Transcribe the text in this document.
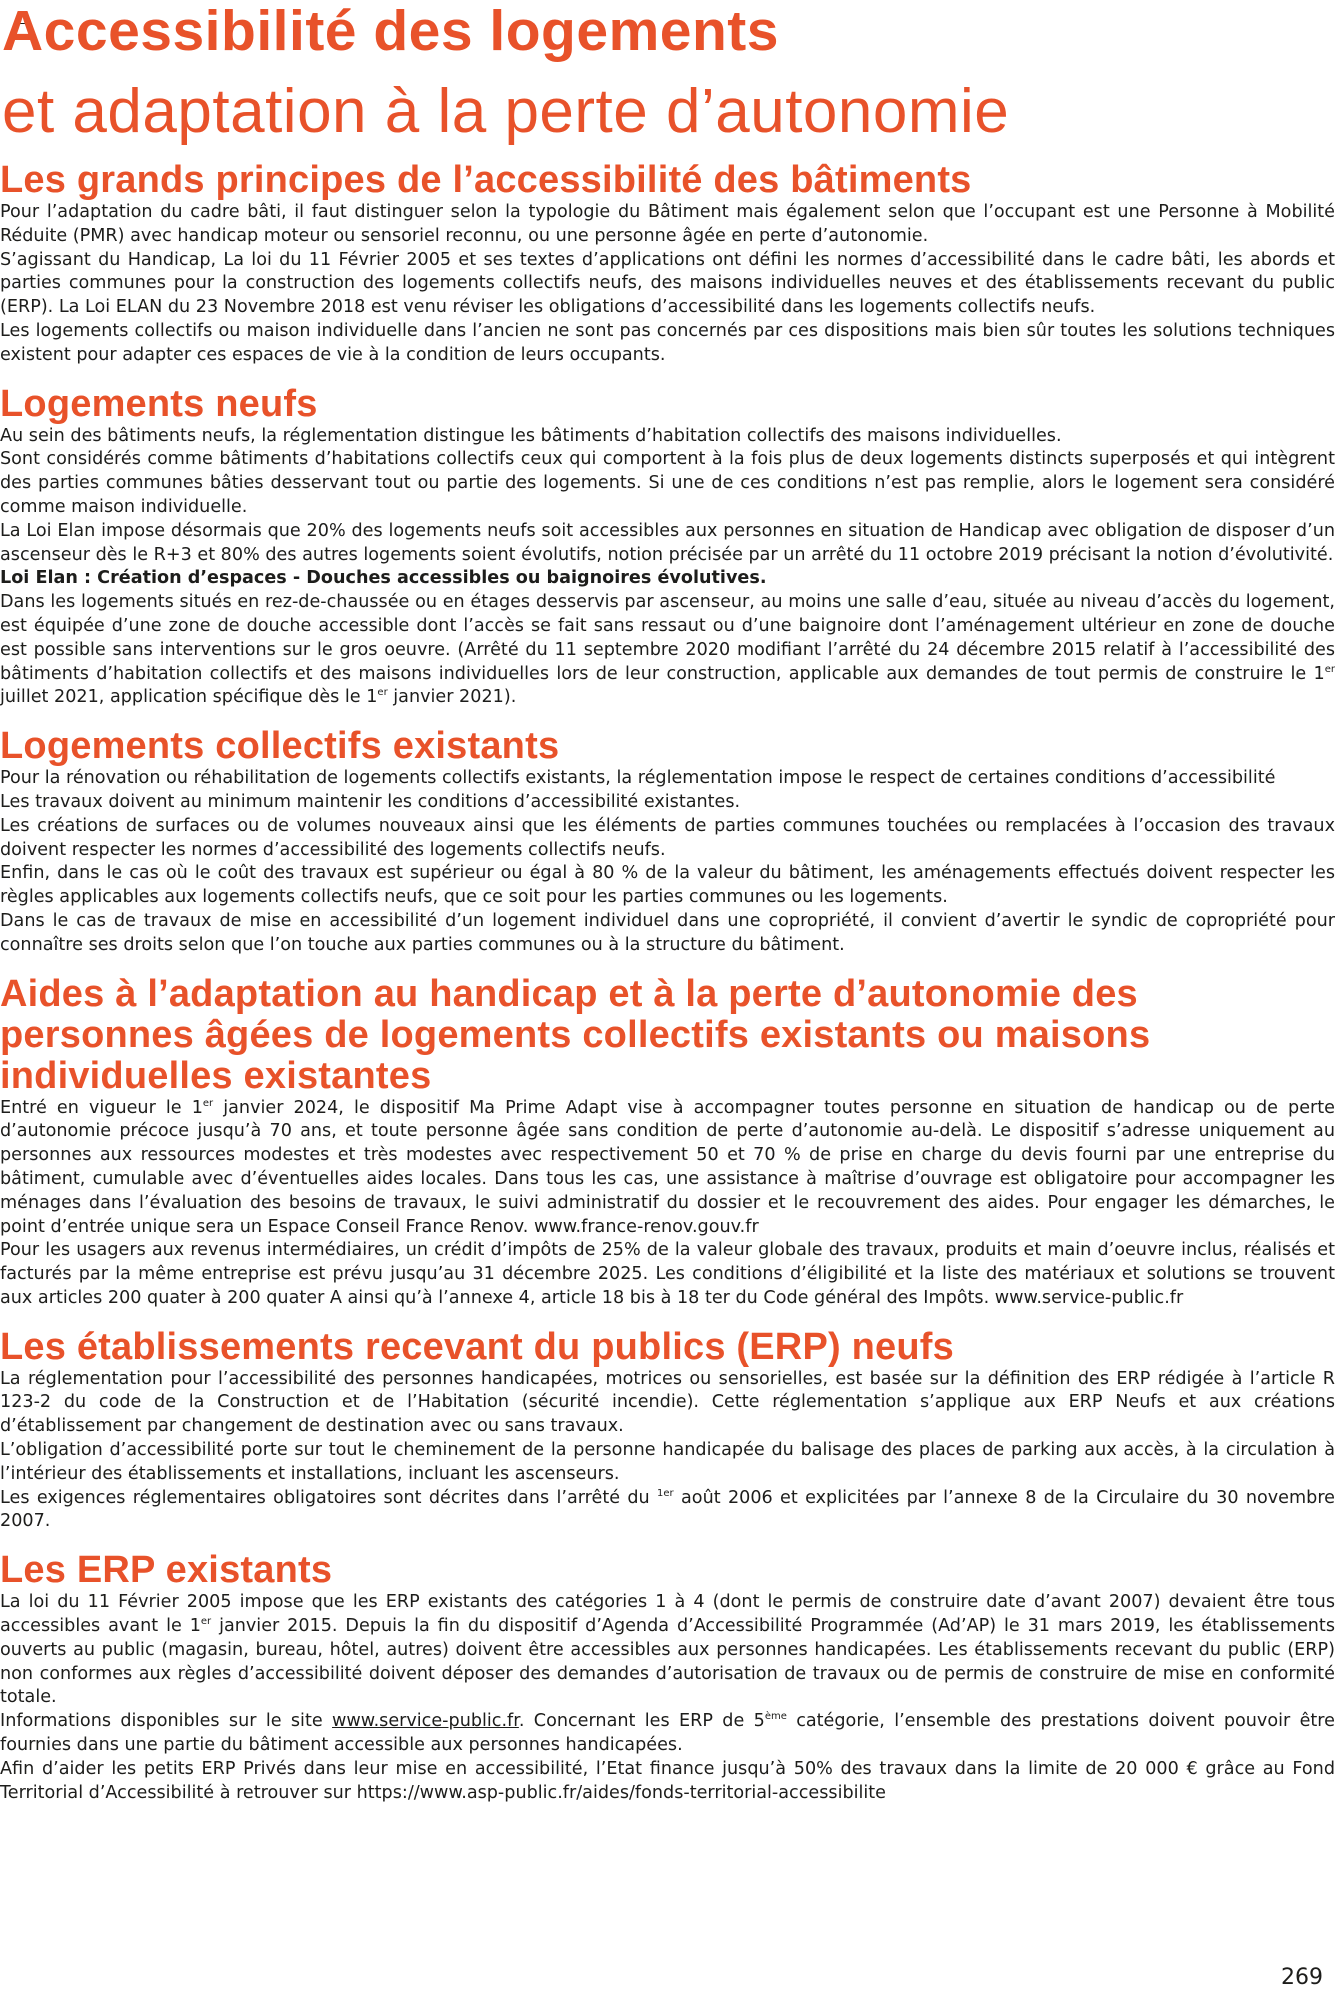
Accessibilité des logements
et adaptation à la perte d’autonomie
Les grands principes de l’accessibilité des bâtiments

Pour l’adaptation du cadre bâti, il faut distinguer selon la typologie du Bâtiment mais également selon que l’occupant est une Personne à Mobilité Réduite (PMR) avec handicap moteur ou sensoriel reconnu, ou une personne âgée en perte d’autonomie.

S’agissant du Handicap, La loi du 11 Février 2005 et ses textes d’applications ont défini les normes d’accessibilité dans le cadre bâti, les abords et parties communes pour la construction des logements collectifs neufs, des maisons individuelles neuves et des établissements recevant du public (ERP). La Loi ELAN du 23 Novembre 2018 est venu réviser les obligations d’accessibilité dans les logements collectifs neufs.

Les logements collectifs ou maison individuelle dans l’ancien ne sont pas concernés par ces dispositions mais bien sûr toutes les solutions techniques existent pour adapter ces espaces de vie à la condition de leurs occupants.

Logements neufs

Au sein des bâtiments neufs, la réglementation distingue les bâtiments d’habitation collectifs des maisons individuelles.

Sont considérés comme bâtiments d’habitations collectifs ceux qui comportent à la fois plus de deux logements distincts superposés et qui intègrent des parties communes bâties desservant tout ou partie des logements. Si une de ces conditions n’est pas remplie, alors le logement sera considéré comme maison individuelle.

La Loi Elan impose désormais que 20% des logements neufs soit accessibles aux personnes en situation de Handicap avec obligation de disposer d’un ascenseur dès le R+3 et 80% des autres logements soient évolutifs, notion précisée par un arrêté du 11 octobre 2019 précisant la notion d’évolutivité.

Loi Elan : Création d’espaces - Douches accessibles ou baignoires évolutives.

Dans les logements situés en rez-de-chaussée ou en étages desservis par ascenseur, au moins une salle d’eau, située au niveau d’accès du logement, est équipée d’une zone de douche accessible dont l’accès se fait sans ressaut ou d’une baignoire dont l’aménagement ultérieur en zone de douche est possible sans interventions sur le gros oeuvre. (Arrêté du 11 septembre 2020 modifiant l’arrêté du 24 décembre 2015 relatif à l’accessibilité des bâtiments d’habitation collectifs et des maisons individuelles lors de leur construction, applicable aux demandes de tout permis de construire le 1er juillet 2021, application spécifique dès le 1er janvier 2021).

Logements collectifs existants

Pour la rénovation ou réhabilitation de logements collectifs existants, la réglementation impose le respect de certaines conditions d’accessibilité

Les travaux doivent au minimum maintenir les conditions d’accessibilité existantes.

Les créations de surfaces ou de volumes nouveaux ainsi que les éléments de parties communes touchées ou remplacées à l’occasion des travaux doivent respecter les normes d’accessibilité des logements collectifs neufs.

Enfin, dans le cas où le coût des travaux est supérieur ou égal à 80 % de la valeur du bâtiment, les aménagements effectués doivent respecter les règles applicables aux logements collectifs neufs, que ce soit pour les parties communes ou les logements.

Dans le cas de travaux de mise en accessibilité d’un logement individuel dans une copropriété, il convient d’avertir le syndic de copropriété pour connaître ses droits selon que l’on touche aux parties communes ou à la structure du bâtiment.

Aides à l’adaptation au handicap et à la perte d’autonomie des personnes âgées de logements collectifs existants ou maisons individuelles existantes

Entré en vigueur le 1er janvier 2024, le dispositif Ma Prime Adapt vise à accompagner toutes personne en situation de handicap ou de perte d’autonomie précoce jusqu’à 70 ans, et toute personne âgée sans condition de perte d’autonomie au-delà. Le dispositif s’adresse uniquement au personnes aux ressources modestes et très modestes avec respectivement 50 et 70 % de prise en charge du devis fourni par une entreprise du bâtiment, cumulable avec d’éventuelles aides locales. Dans tous les cas, une assistance à maîtrise d’ouvrage est obligatoire pour accompagner les ménages dans l’évaluation des besoins de travaux, le suivi administratif du dossier et le recouvrement des aides. Pour engager les démarches, le point d’entrée unique sera un Espace Conseil France Renov. www.france-renov.gouv.fr

Pour les usagers aux revenus intermédiaires, un crédit d’impôts de 25% de la valeur globale des travaux, produits et main d’oeuvre inclus, réalisés et facturés par la même entreprise est prévu jusqu’au 31 décembre 2025. Les conditions d’éligibilité et la liste des matériaux et solutions se trouvent aux articles 200 quater à 200 quater A ainsi qu’à l’annexe 4, article 18 bis à 18 ter du Code général des Impôts. www.service-public.fr

Les établissements recevant du publics (ERP) neufs

La réglementation pour l’accessibilité des personnes handicapées, motrices ou sensorielles, est basée sur la définition des ERP rédigée à l’article R 123-2 du code de la Construction et de l’Habitation (sécurité incendie). Cette réglementation s’applique aux ERP Neufs et aux créations d’établissement par changement de destination avec ou sans travaux.

L’obligation d’accessibilité porte sur tout le cheminement de la personne handicapée du balisage des places de parking aux accès, à la circulation à l’intérieur des établissements et installations, incluant les ascenseurs.

Les exigences réglementaires obligatoires sont décrites dans l’arrêté du $^{1er}$ août 2006 et explicitées par l’annexe 8 de la Circulaire du 30 novembre 2007.

Les ERP existants

La loi du 11 Février 2005 impose que les ERP existants des catégories 1 à 4 (dont le permis de construire date d’avant 2007) devaient être tous accessibles avant le 1er janvier 2015. Depuis la fin du dispositif d’Agenda d’Accessibilité Programmée (Ad’AP) le 31 mars 2019, les établissements ouverts au public (magasin, bureau, hôtel, autres) doivent être accessibles aux personnes handicapées. Les établissements recevant du public (ERP) non conformes aux règles d’accessibilité doivent déposer des demandes d’autorisation de travaux ou de permis de construire de mise en conformité totale.

Informations disponibles sur le site www.service-public.fr. Concernant les ERP de 5ème catégorie, l’ensemble des prestations doivent pouvoir être fournies dans une partie du bâtiment accessible aux personnes handicapées.

Afin d’aider les petits ERP Privés dans leur mise en accessibilité, l’Etat finance jusqu’à 50% des travaux dans la limite de 20 000 € grâce au Fond Territorial d’Accessibilité à retrouver sur https://www.asp-public.fr/aides/fonds-territorial-accessibilite

269
